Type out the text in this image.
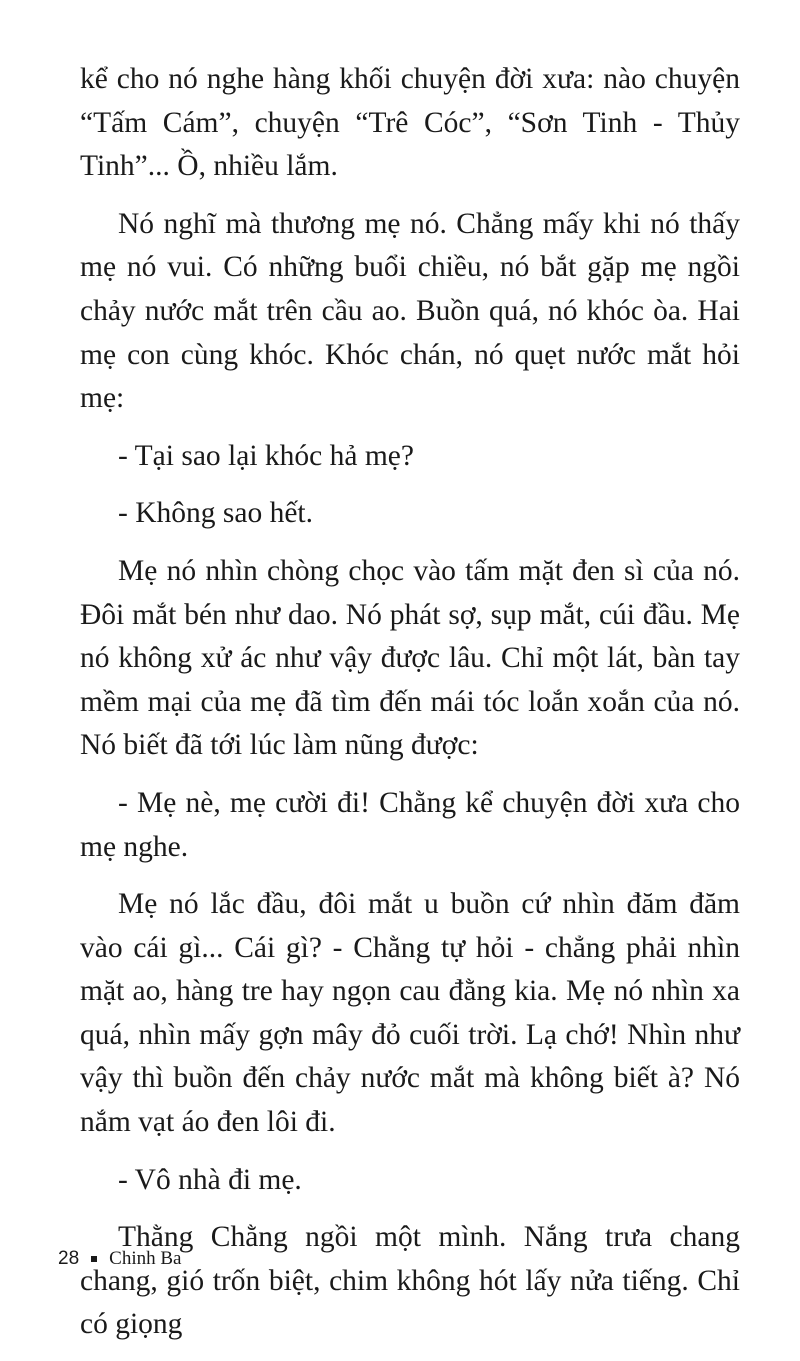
kể cho nó nghe hàng khối chuyện đời xưa: nào chuyện “Tấm Cám”, chuyện “Trê Cóc”, “Sơn Tinh - Thủy Tinh”... Ồ, nhiều lắm.

Nó nghĩ mà thương mẹ nó. Chẳng mấy khi nó thấy mẹ nó vui. Có những buổi chiều, nó bắt gặp mẹ ngồi chảy nước mắt trên cầu ao. Buồn quá, nó khóc òa. Hai mẹ con cùng khóc. Khóc chán, nó quẹt nước mắt hỏi mẹ:

- Tại sao lại khóc hả mẹ?

- Không sao hết.

Mẹ nó nhìn chòng chọc vào tấm mặt đen sì của nó. Đôi mắt bén như dao. Nó phát sợ, sụp mắt, cúi đầu. Mẹ nó không xử ác như vậy được lâu. Chỉ một lát, bàn tay mềm mại của mẹ đã tìm đến mái tóc loắn xoắn của nó. Nó biết đã tới lúc làm nũng được:

- Mẹ nè, mẹ cười đi! Chằng kể chuyện đời xưa cho mẹ nghe.

Mẹ nó lắc đầu, đôi mắt u buồn cứ nhìn đăm đăm vào cái gì... Cái gì? - Chằng tự hỏi - chẳng phải nhìn mặt ao, hàng tre hay ngọn cau đằng kia. Mẹ nó nhìn xa quá, nhìn mấy gợn mây đỏ cuối trời. Lạ chớ! Nhìn như vậy thì buồn đến chảy nước mắt mà không biết à? Nó nắm vạt áo đen lôi đi.

- Vô nhà đi mẹ.

Thằng Chằng ngồi một mình. Nắng trưa chang chang, gió trốn biệt, chim không hót lấy nửa tiếng. Chỉ có giọng

28 Chinh Ba
